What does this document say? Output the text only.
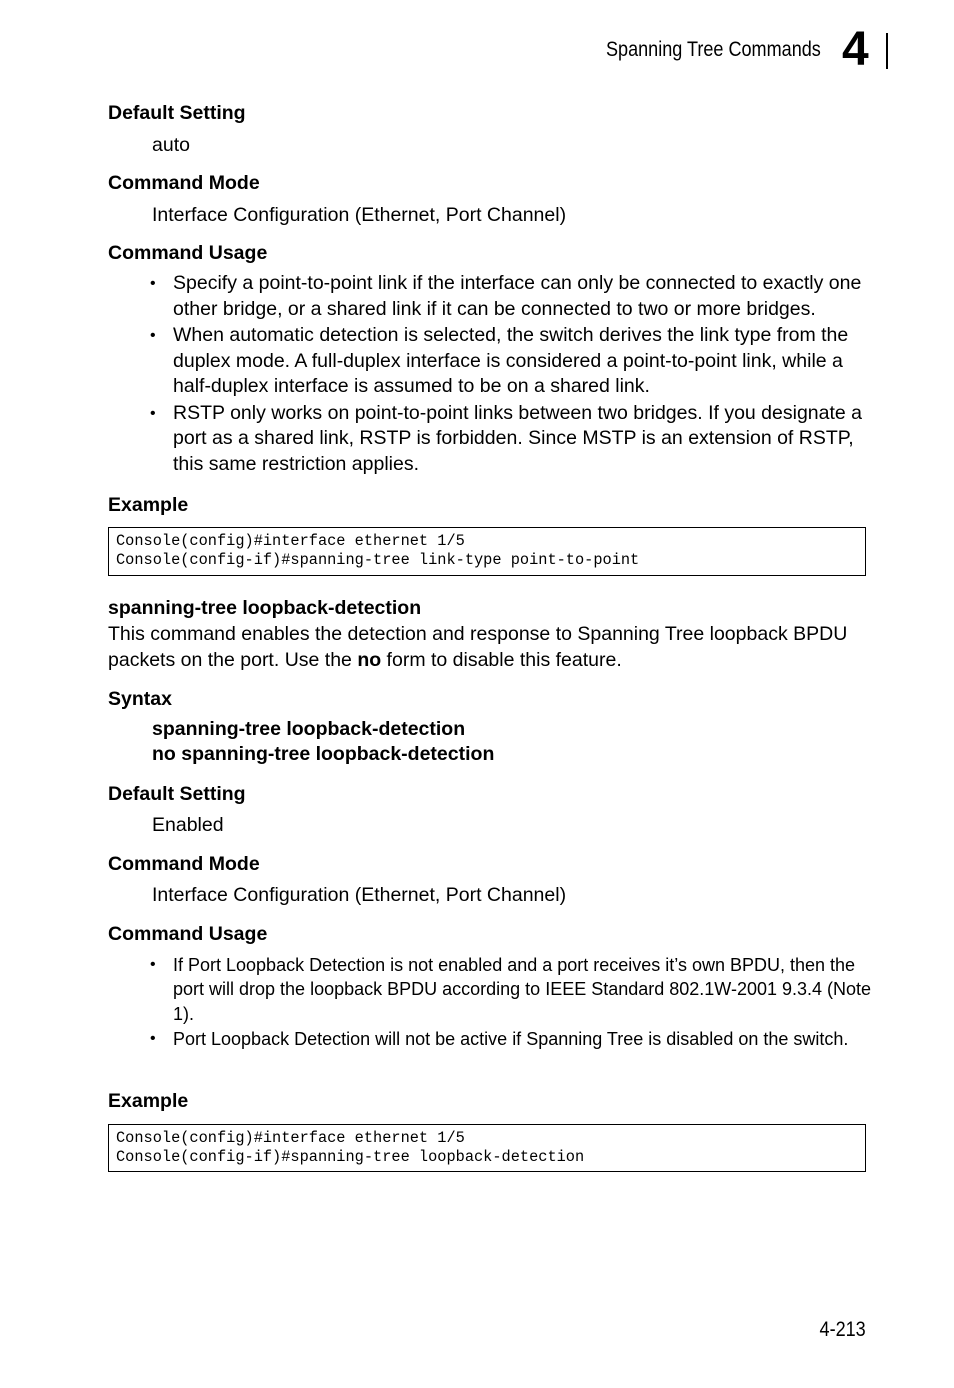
Spanning Tree Commands 4
Default Setting
auto
Command Mode
Interface Configuration (Ethernet, Port Channel)
Command Usage
• Specify a point-to-point link if the interface can only be connected to exactly one other bridge, or a shared link if it can be connected to two or more bridges.
• When automatic detection is selected, the switch derives the link type from the duplex mode. A full-duplex interface is considered a point-to-point link, while a half-duplex interface is assumed to be on a shared link.
• RSTP only works on point-to-point links between two bridges. If you designate a port as a shared link, RSTP is forbidden. Since MSTP is an extension of RSTP, this same restriction applies.
Example
Console(config)#interface ethernet 1/5
Console(config-if)#spanning-tree link-type point-to-point
spanning-tree loopback-detection
This command enables the detection and response to Spanning Tree loopback BPDU packets on the port. Use the no form to disable this feature.
Syntax
spanning-tree loopback-detection
no spanning-tree loopback-detection
Default Setting
Enabled
Command Mode
Interface Configuration (Ethernet, Port Channel)
Command Usage
• If Port Loopback Detection is not enabled and a port receives it’s own BPDU, then the port will drop the loopback BPDU according to IEEE Standard 802.1W-2001 9.3.4 (Note 1).
• Port Loopback Detection will not be active if Spanning Tree is disabled on the switch.
Example
Console(config)#interface ethernet 1/5
Console(config-if)#spanning-tree loopback-detection
4-213
